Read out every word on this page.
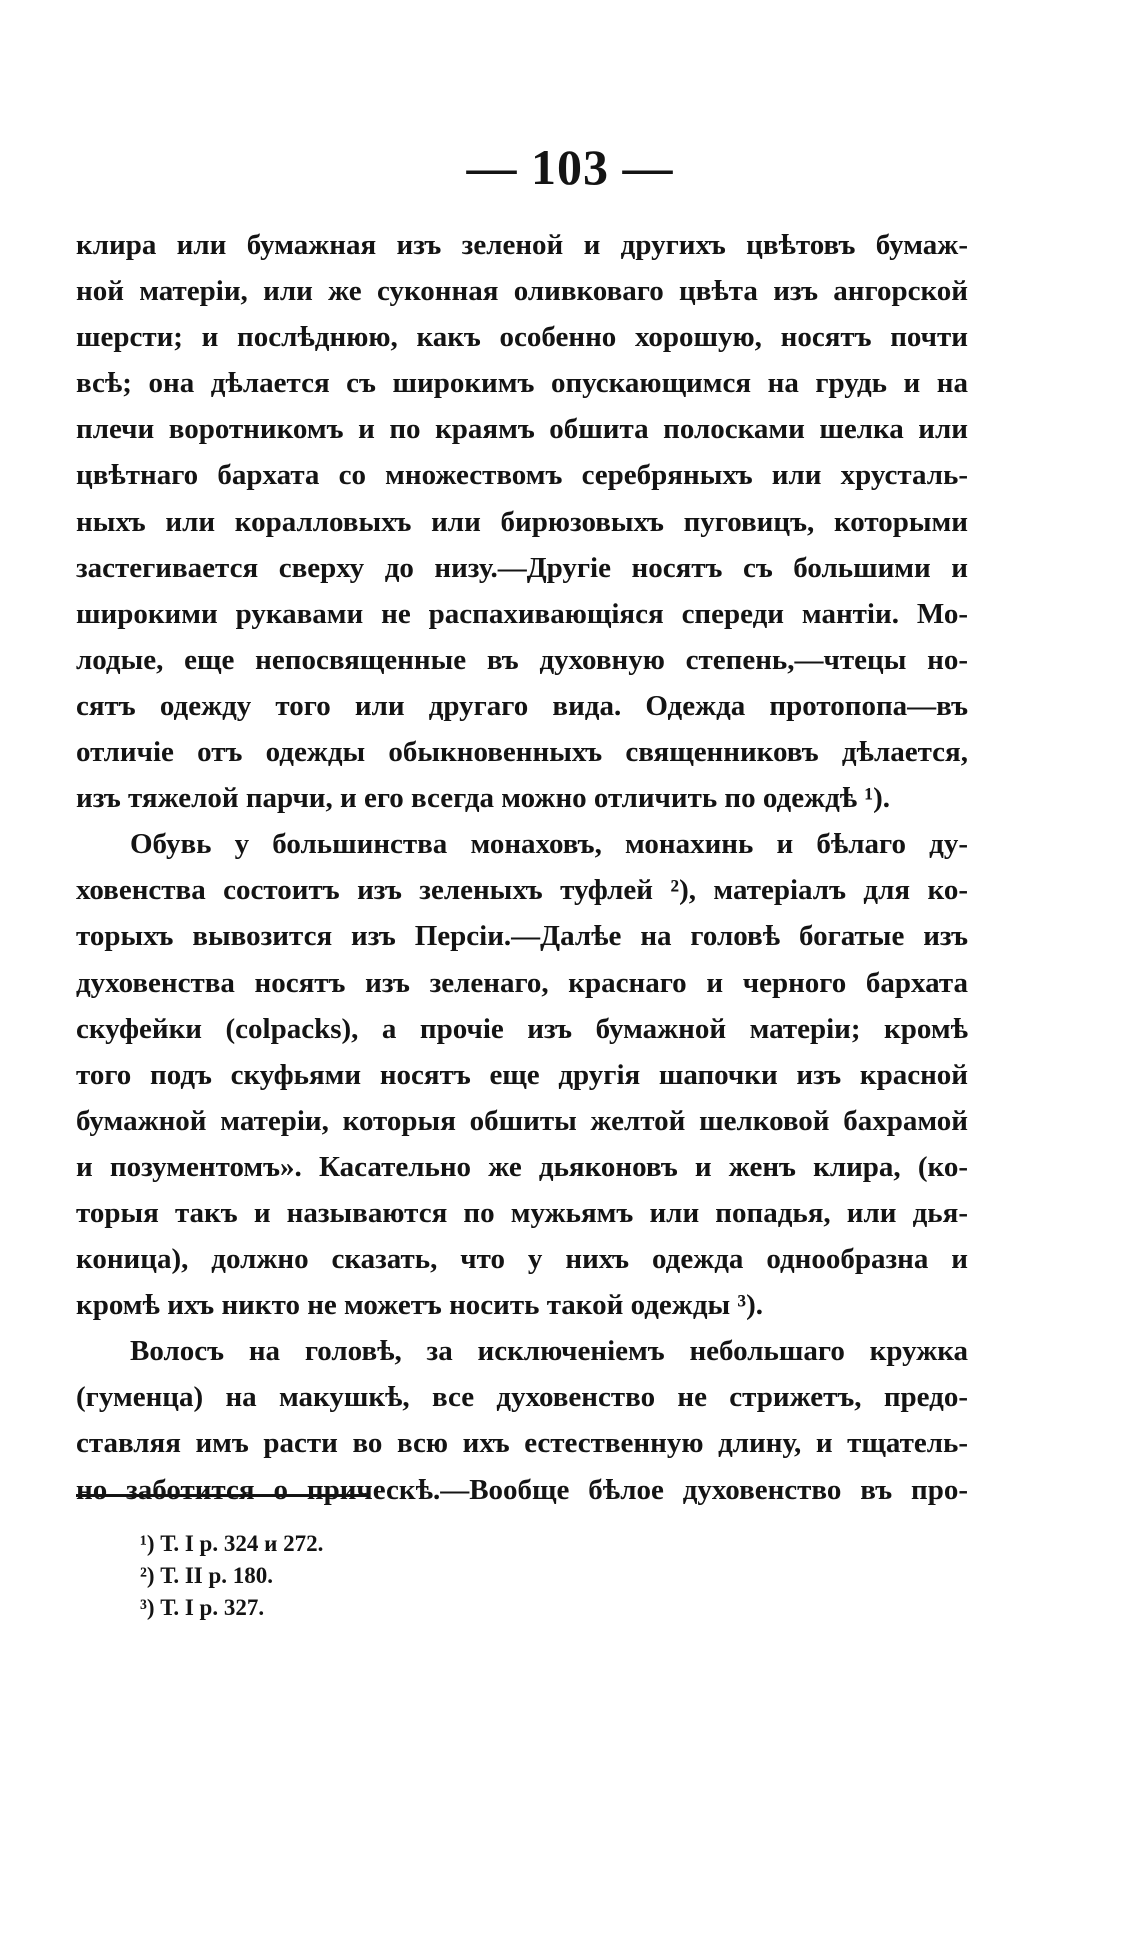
— 103 —
клира или бумажная изъ зеленой и другихъ цвѣтовъ бумаж-
ной матеріи, или же суконная оливковаго цвѣта изъ ангорской
шерсти; и послѣднюю, какъ особенно хорошую, носятъ почти
всѣ; она дѣлается съ широкимъ опускающимся на грудь и на
плечи воротникомъ и по краямъ обшита полосками шелка или
цвѣтнаго бархата со множествомъ серебряныхъ или хрусталь-
ныхъ или коралловыхъ или бирюзовыхъ пуговицъ, которыми
застегивается сверху до низу.—Другіе носятъ съ большими и
широкими рукавами не распахивающіяся спереди мантіи. Мо-
лодые, еще непосвященные въ духовную степень,—чтецы но-
сятъ одежду того или другаго вида. Одежда протопопа—въ
отличіе отъ одежды обыкновенныхъ священниковъ дѣлается,
изъ тяжелой парчи, и его всегда можно отличить по одеждѣ ¹).
Обувь у большинства монаховъ, монахинь и бѣлаго ду-
ховенства состоитъ изъ зеленыхъ туфлей ²), матеріалъ для ко-
торыхъ вывозится изъ Персіи.—Далѣе на головѣ богатые изъ
духовенства носятъ изъ зеленаго, краснаго и черного бархата
скуфейки (colpacks), а прочіе изъ бумажной матеріи; кромѣ
того подъ скуфьями носятъ еще другія шапочки изъ красной
бумажной матеріи, которыя обшиты желтой шелковой бахрамой
и позументомъ». Касательно же дьяконовъ и женъ клира, (ко-
торыя такъ и называются по мужьямъ или попадья, или дья-
коница), должно сказать, что у нихъ одежда однообразна и
кромѣ ихъ никто не можетъ носить такой одежды ³).
Волосъ на головѣ, за исключеніемъ небольшаго кружка
(гуменца) на макушкѣ, все духовенство не стрижетъ, предо-
ставляя имъ расти во всю ихъ естественную длину, и тщатель-
но заботится о прическѣ.—Вообще бѣлое духовенство въ про-
¹) Т. I p. 324 и 272.
²) Т. II p. 180.
³) Т. I p. 327.
